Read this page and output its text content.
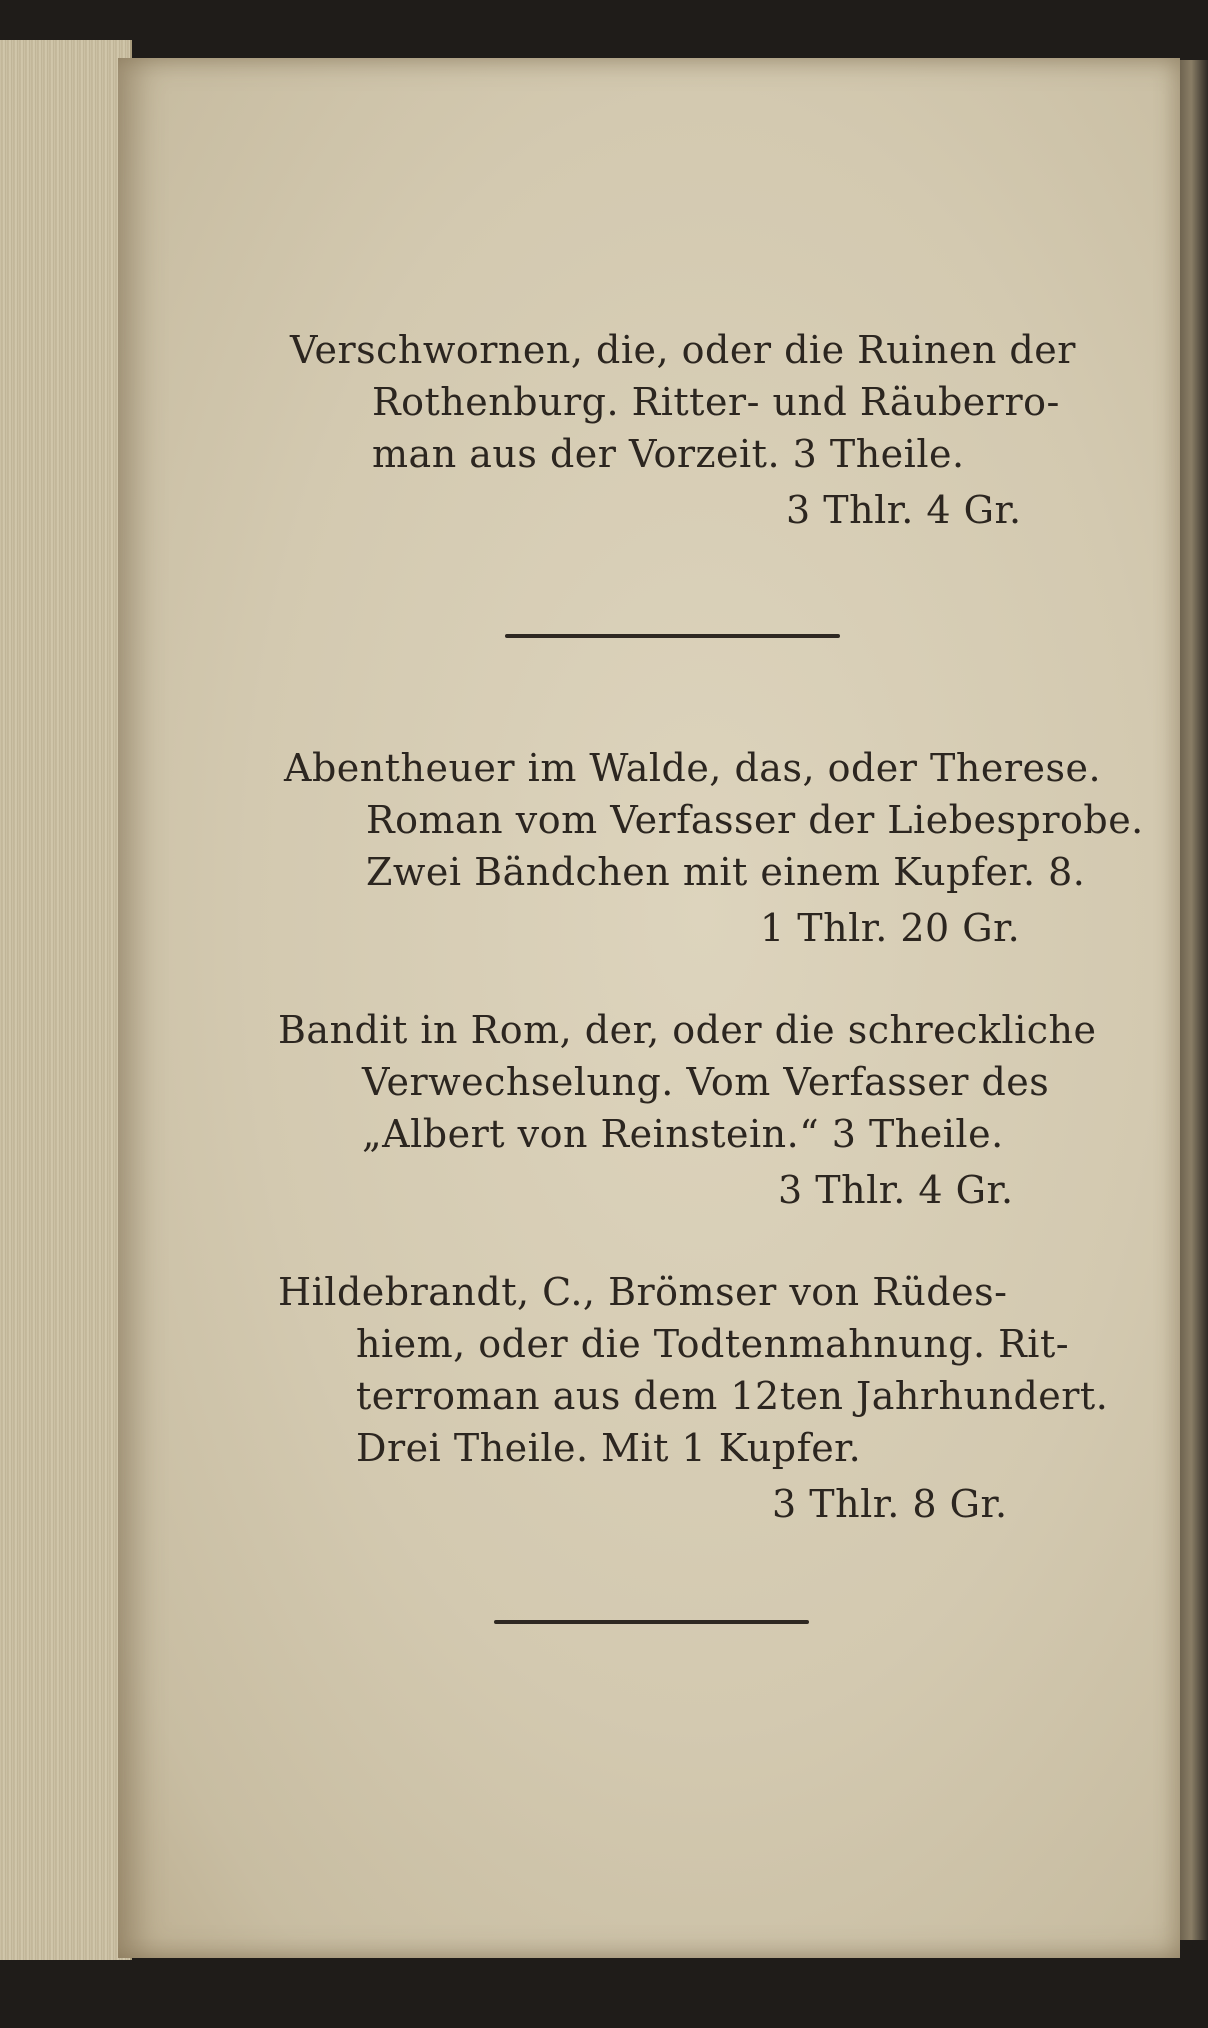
Verschwornen, die, oder die Ruinen der
Rothenburg. Ritter- und Räuberro-
man aus der Vorzeit. 3 Theile.
3 Thlr. 4 Gr.
Abentheuer im Walde, das, oder Therese.
Roman vom Verfasser der Liebesprobe.
Zwei Bändchen mit einem Kupfer. 8.
1 Thlr. 20 Gr.
Bandit in Rom, der, oder die schreckliche
Verwechselung. Vom Verfasser des
„Albert von Reinstein.“ 3 Theile.
3 Thlr. 4 Gr.
Hildebrandt, C., Brömser von Rüdes-
hiem, oder die Todtenmahnung. Rit-
terroman aus dem 12ten Jahrhundert.
Drei Theile. Mit 1 Kupfer.
3 Thlr. 8 Gr.
